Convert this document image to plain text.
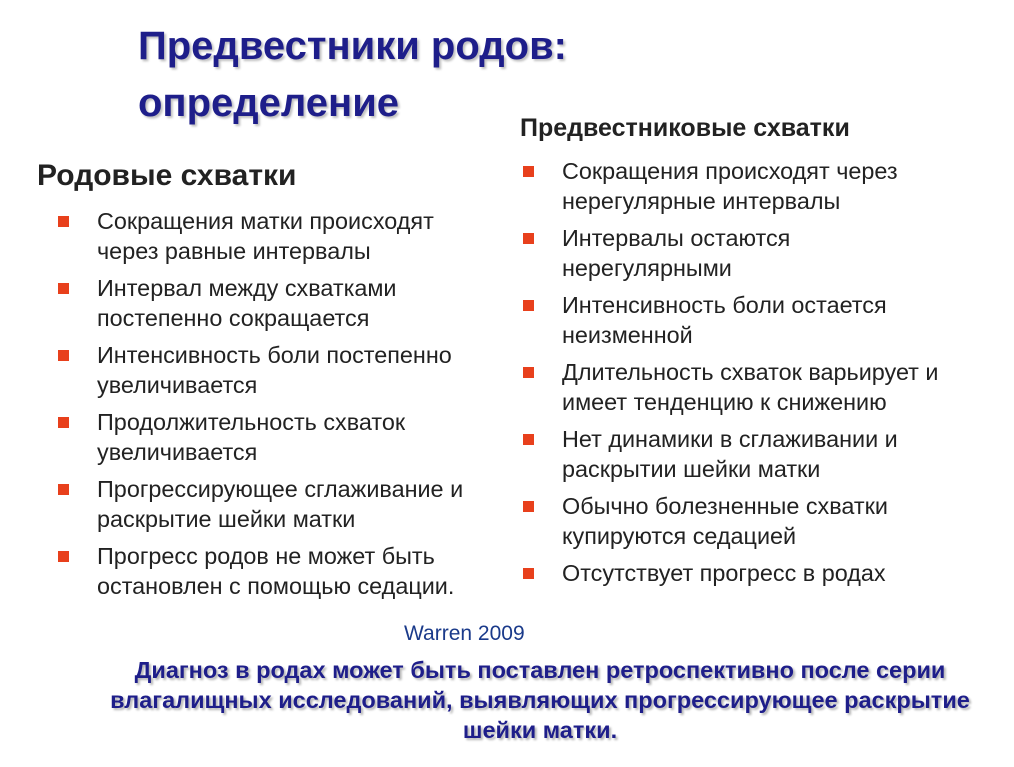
Предвестники родов:
определение
Родовые схватки
Сокращения матки происходят через равные интервалы
Интервал между схватками постепенно сокращается
Интенсивность боли постепенно увеличивается
Продолжительность схваток увеличивается
Прогрессирующее сглаживание и раскрытие шейки матки
Прогресс родов не может быть остановлен с помощью седации.
Предвестниковые схватки
Сокращения происходят через нерегулярные интервалы
Интервалы остаются нерегулярными
Интенсивность боли остается неизменной
Длительность схваток варьирует и имеет тенденцию к снижению
Нет динамики в сглаживании и раскрытии шейки матки
Обычно болезненные схватки купируются седацией
Отсутствует прогресс в родах

Warren 2009

Диагноз в родах может быть поставлен ретроспективно после серии влагалищных исследований, выявляющих прогрессирующее раскрытие шейки матки.
